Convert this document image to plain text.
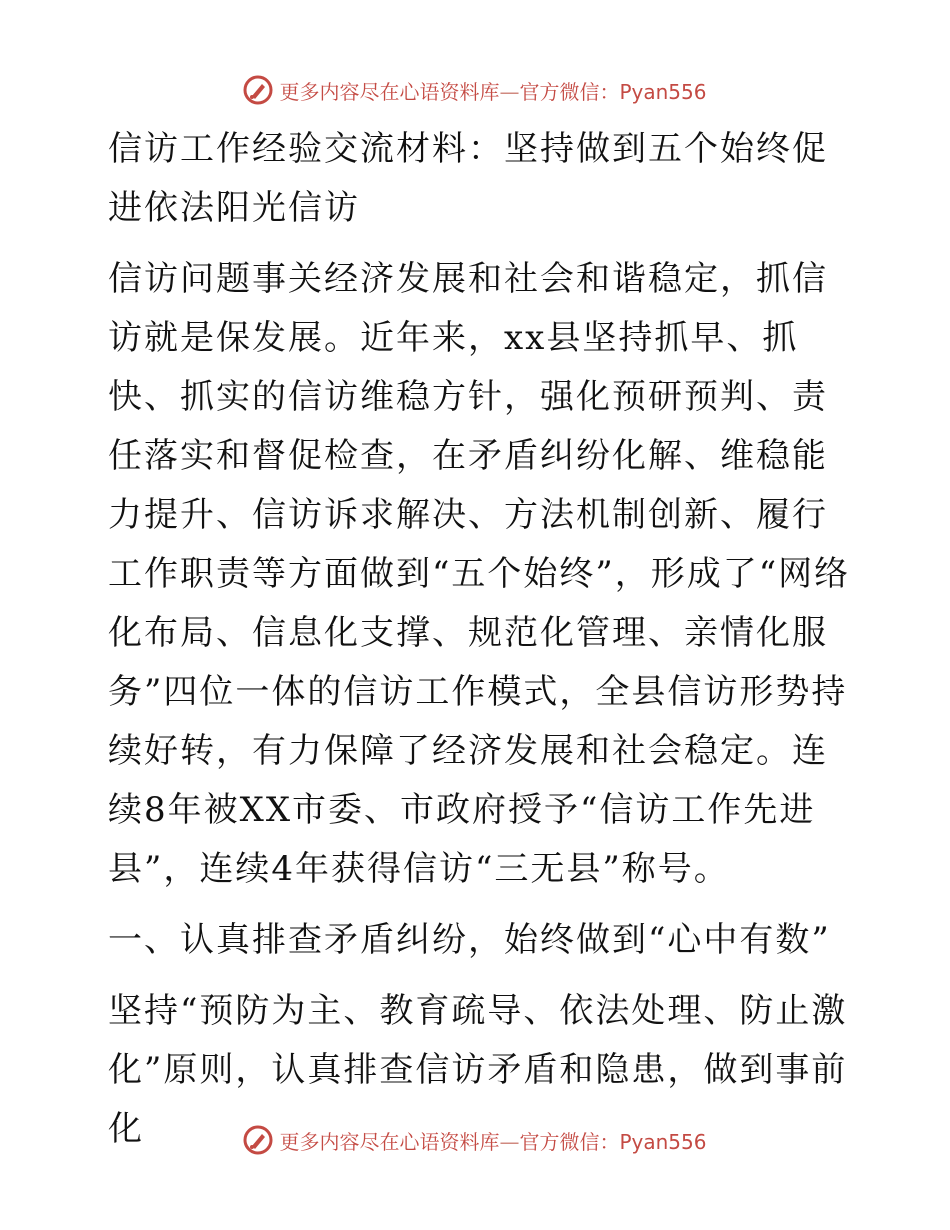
更多内容尽在心语资料库—官方微信：Pyan556

信访工作经验交流材料：坚持做到五个始终促进依法阳光信访

信访问题事关经济发展和社会和谐稳定，抓信访就是保发展。近年来，xx县坚持抓早、抓快、抓实的信访维稳方针，强化预研预判、责任落实和督促检查，在矛盾纠纷化解、维稳能力提升、信访诉求解决、方法机制创新、履行工作职责等方面做到“五个始终”，形成了“网络化布局、信息化支撑、规范化管理、亲情化服务”四位一体的信访工作模式，全县信访形势持续好转，有力保障了经济发展和社会稳定。连续8年被XX市委、市政府授予“信访工作先进县”，连续4年获得信访“三无县”称号。

一、认真排查矛盾纠纷，始终做到“心中有数”

坚持“预防为主、教育疏导、依法处理、防止激化”原则，认真排查信访矛盾和隐患，做到事前化	更多内容尽在心语资料库—官方微信：Pyan556
